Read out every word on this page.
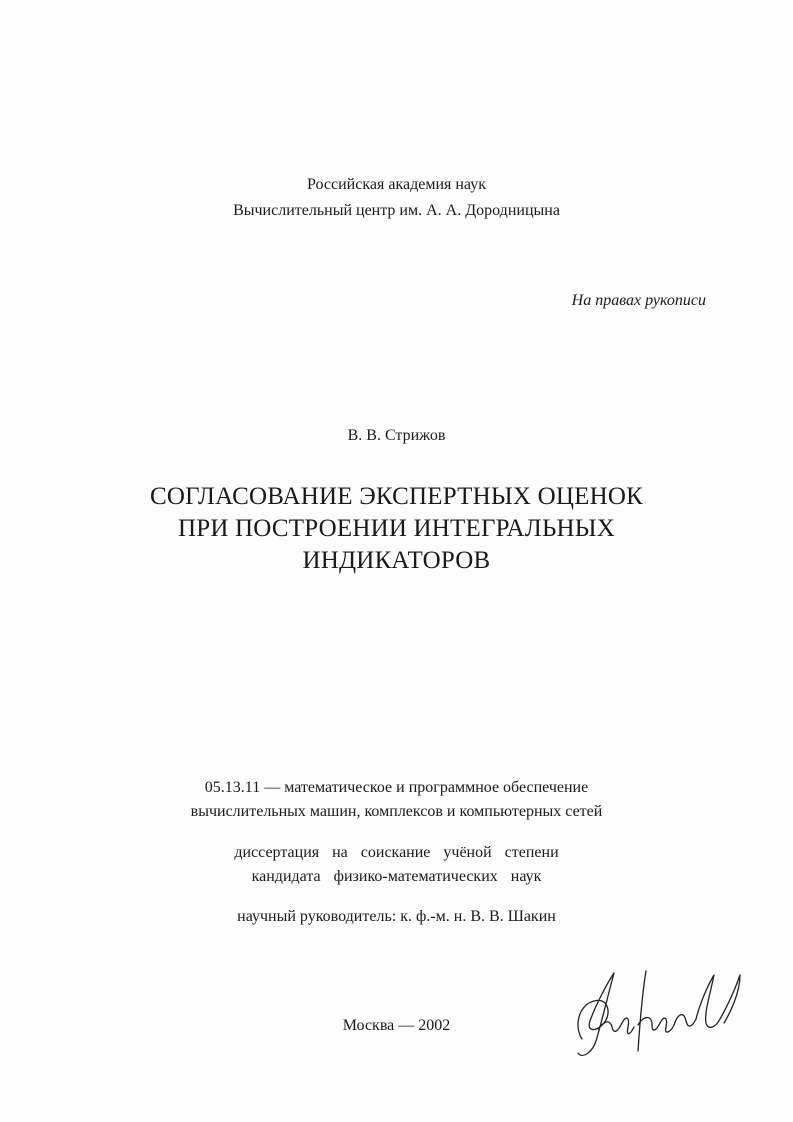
Российская академия наук
Вычислительный центр им. А. А. Дородницына
На правах рукописи
В. В. Стрижов
СОГЛАСОВАНИЕ ЭКСПЕРТНЫХ ОЦЕНОК
ПРИ ПОСТРОЕНИИ ИНТЕГРАЛЬНЫХ
ИНДИКАТОРОВ
05.13.11 — математическое и программное обеспечение
вычислительных машин, комплексов и компьютерных сетей
диссертация на соискание учёной степени
кандидата физико-математических наук
научный руководитель: к. ф.-м. н. В. В. Шакин
Москва — 2002
